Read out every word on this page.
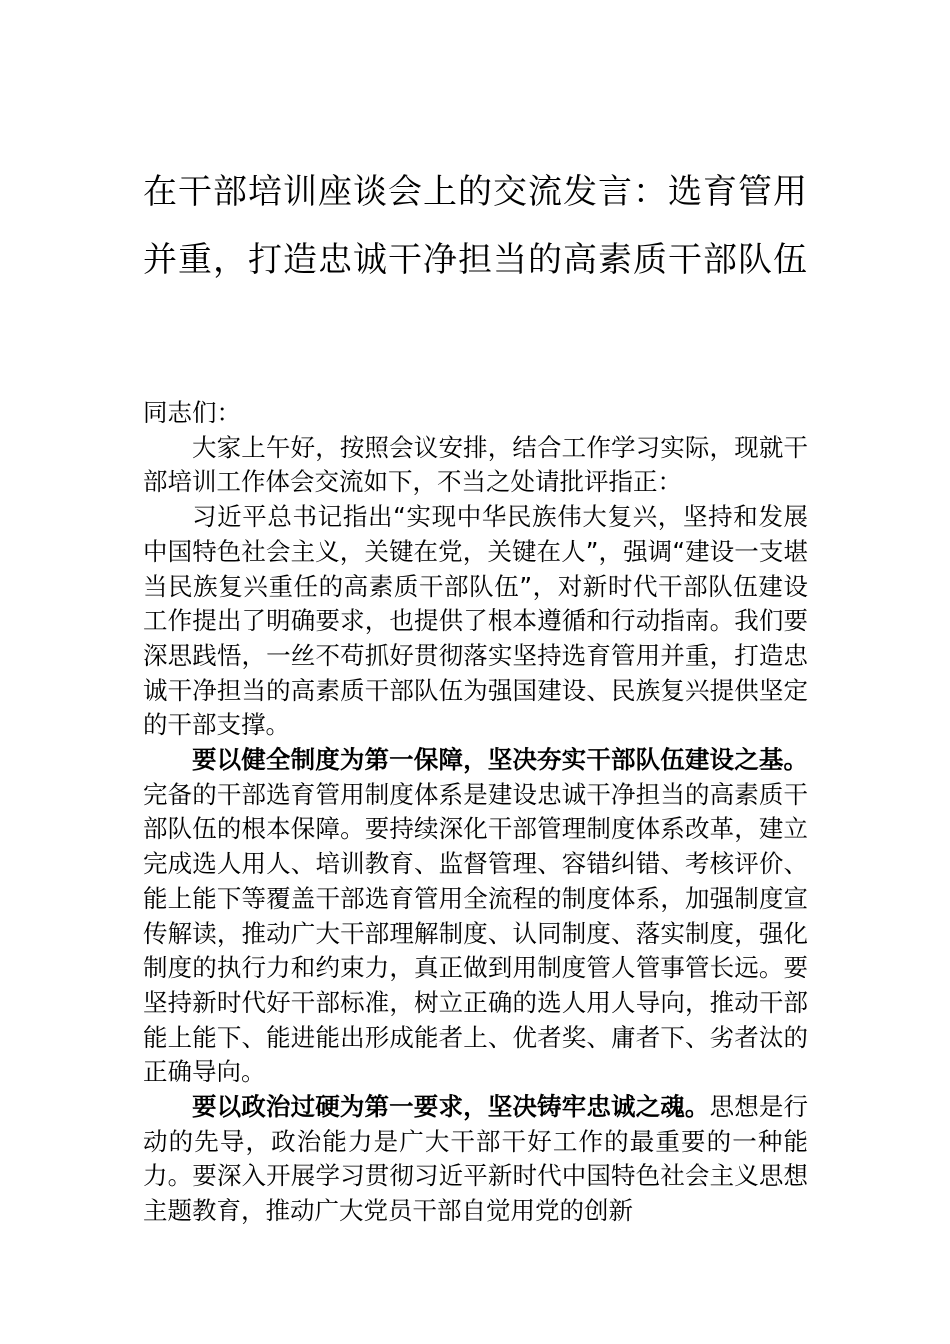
在干部培训座谈会上的交流发言：选育管用并重，打造忠诚干净担当的高素质干部队伍

同志们：

大家上午好，按照会议安排，结合工作学习实际，现就干部培训工作体会交流如下，不当之处请批评指正：

习近平总书记指出“实现中华民族伟大复兴，坚持和发展中国特色社会主义，关键在党，关键在人”，强调“建设一支堪当民族复兴重任的高素质干部队伍”，对新时代干部队伍建设工作提出了明确要求，也提供了根本遵循和行动指南。我们要深思践悟，一丝不苟抓好贯彻落实坚持选育管用并重，打造忠诚干净担当的高素质干部队伍为强国建设、民族复兴提供坚定的干部支撑。

要以健全制度为第一保障，坚决夯实干部队伍建设之基。完备的干部选育管用制度体系是建设忠诚干净担当的高素质干部队伍的根本保障。要持续深化干部管理制度体系改革，建立完成选人用人、培训教育、监督管理、容错纠错、考核评价、能上能下等覆盖干部选育管用全流程的制度体系，加强制度宣传解读，推动广大干部理解制度、认同制度、落实制度，强化制度的执行力和约束力，真正做到用制度管人管事管长远。要坚持新时代好干部标准，树立正确的选人用人导向，推动干部能上能下、能进能出形成能者上、优者奖、庸者下、劣者汰的正确导向。

要以政治过硬为第一要求，坚决铸牢忠诚之魂。思想是行动的先导，政治能力是广大干部干好工作的最重要的一种能力。要深入开展学习贯彻习近平新时代中国特色社会主义思想主题教育，推动广大党员干部自觉用党的创新
